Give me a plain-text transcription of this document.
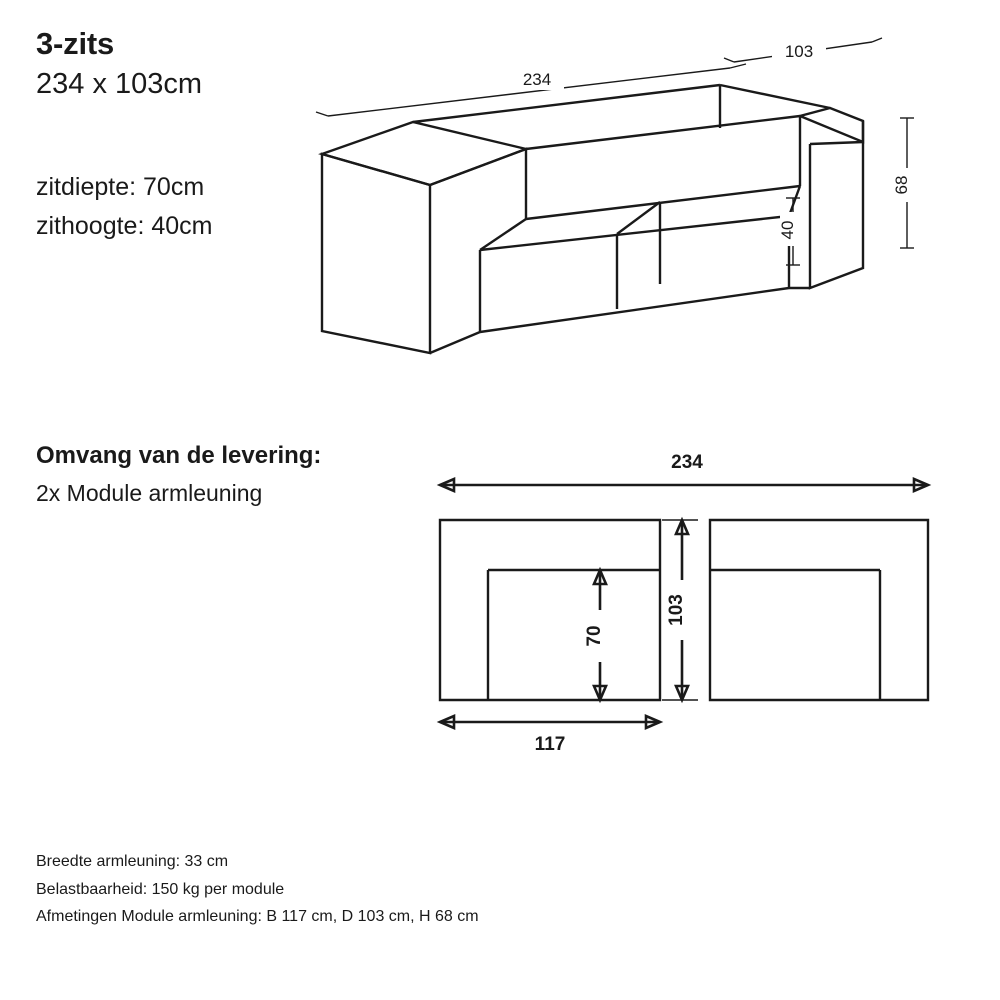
3-zits
234 x 103cm
zitdiepte: 70cm
zithoogte: 40cm
234
103
68
40
Omvang van de levering:
2x Module armleuning
234
103
70
117
Breedte armleuning: 33 cm
Belastbaarheid: 150 kg per module
Afmetingen Module armleuning: B 117 cm, D 103 cm, H 68 cm
